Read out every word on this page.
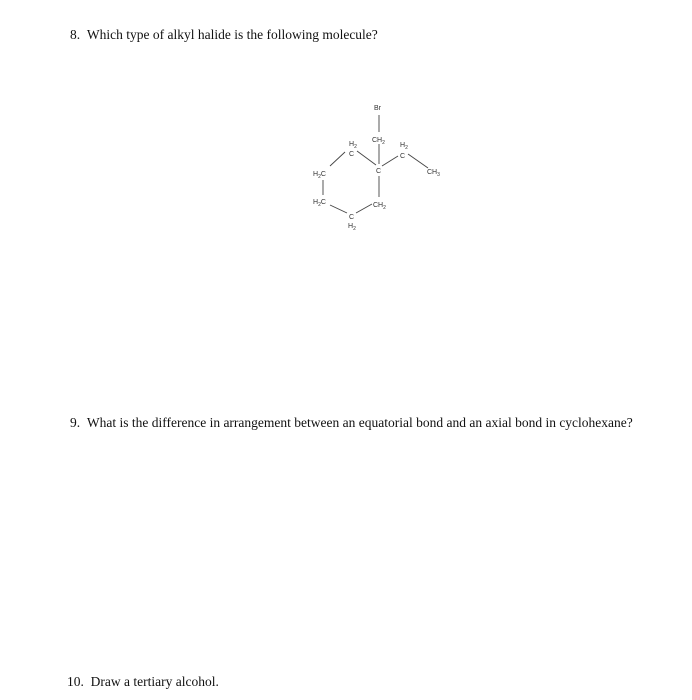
8. Which type of alkyl halide is the following molecule?
Br
$CH_2$
$H_2$	$H_2$
C
C
C
$CH_3$
$H_2C$
$H_2C$	$CH_2$
C
$H_2$
9. What is the difference in arrangement between an equatorial bond and an axial bond in cyclohexane?
10. Draw a tertiary alcohol.
